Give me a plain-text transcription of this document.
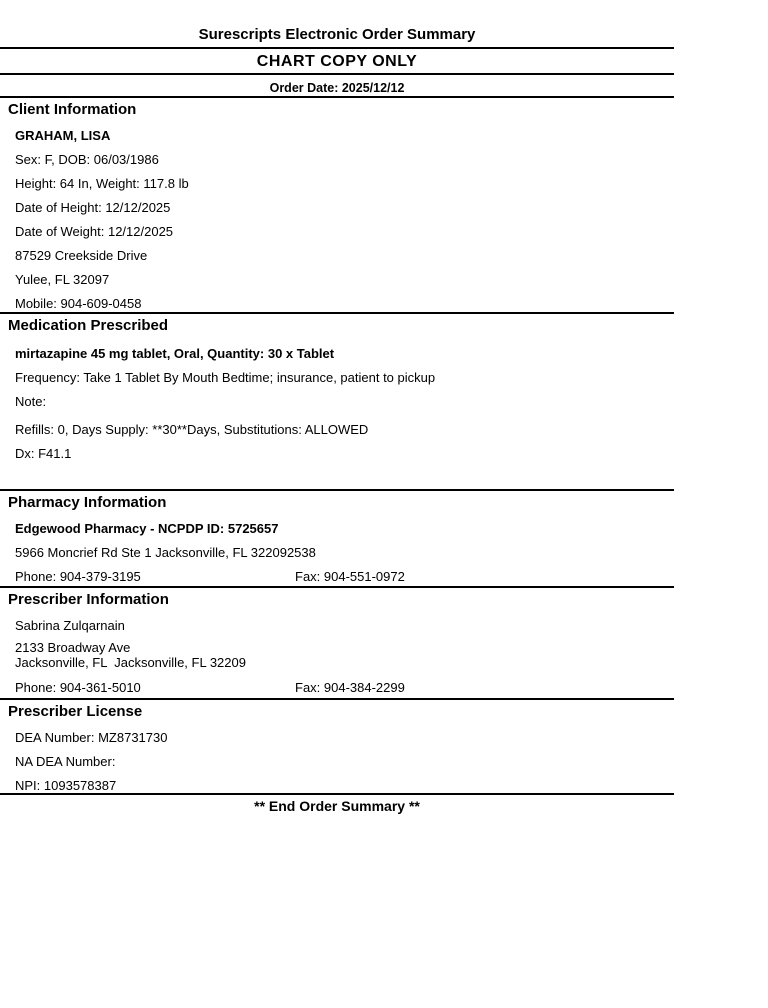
Surescripts Electronic Order Summary
CHART COPY ONLY
Order Date: 2025/12/12
Client Information
GRAHAM, LISA
Sex: F, DOB: 06/03/1986
Height: 64 In, Weight: 117.8 lb
Date of Height: 12/12/2025
Date of Weight: 12/12/2025
87529 Creekside Drive
Yulee, FL 32097
Mobile: 904-609-0458
Medication Prescribed
mirtazapine 45 mg tablet, Oral, Quantity: 30 x Tablet
Frequency: Take 1 Tablet By Mouth Bedtime; insurance, patient to pickup
Note:
Refills: 0, Days Supply: **30**Days, Substitutions: ALLOWED
Dx: F41.1
Pharmacy Information
Edgewood Pharmacy - NCPDP ID: 5725657
5966 Moncrief Rd Ste 1 Jacksonville, FL 322092538
Phone: 904-379-3195	Fax: 904-551-0972
Prescriber Information
Sabrina Zulqarnain
2133 Broadway Ave
Jacksonville, FL  Jacksonville, FL 32209
Phone: 904-361-5010	Fax: 904-384-2299
Prescriber License
DEA Number: MZ8731730
NA DEA Number:
NPI: 1093578387
** End Order Summary **
